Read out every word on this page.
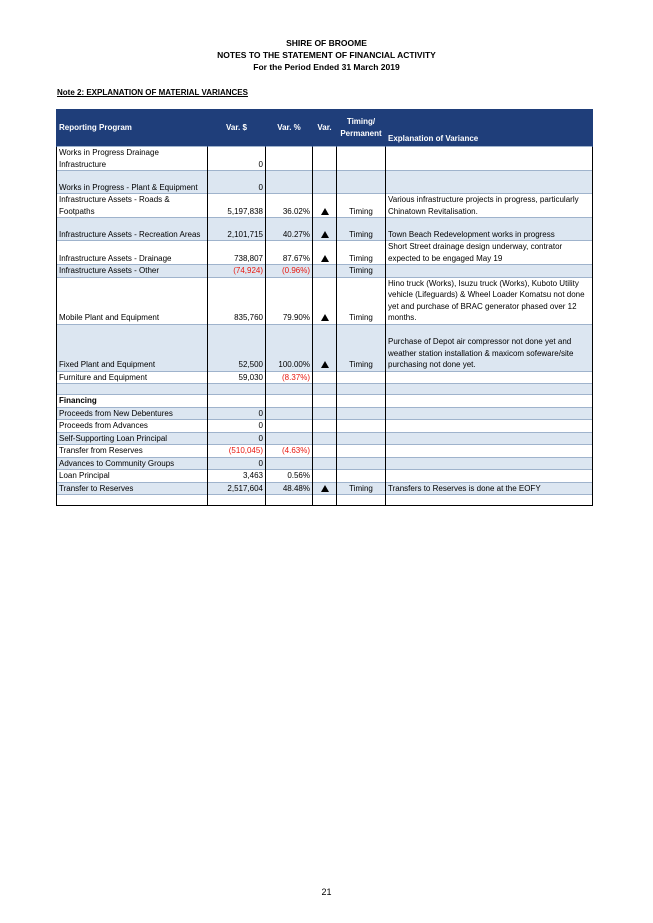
SHIRE OF BROOME
NOTES TO THE STATEMENT OF FINANCIAL ACTIVITY
For the Period Ended 31 March 2019
Note 2: EXPLANATION OF MATERIAL VARIANCES
Reporting Program	Var. $	Var. %	Var.	Timing/ Permanent	Explanation of Variance
Works in Progress Drainage Infrastructure	0				
Works in Progress - Plant & Equipment	0				
Infrastructure Assets - Roads & Footpaths	5,197,838	36.02%		Timing	Various infrastructure projects in progress, particularly Chinatown Revitalisation.
Infrastructure Assets - Recreation Areas	2,101,715	40.27%		Timing	Town Beach Redevelopment works in progress
Infrastructure Assets - Drainage	738,807	87.67%		Timing	Short Street drainage design underway, contrator expected to be engaged May 19
Infrastructure Assets - Other	(74,924)	(0.96%)		Timing	
Mobile Plant and Equipment	835,760	79.90%		Timing	Hino truck (Works), Isuzu truck (Works), Kuboto Utility vehicle (Lifeguards) & Wheel Loader Komatsu not done yet and purchase of BRAC generator phased over 12 months.
Fixed Plant and Equipment	52,500	100.00%		Timing	Purchase of Depot air compressor not done yet and weather station installation & maxicom sofeware/site purchasing not done yet.
Furniture and Equipment	59,030	(8.37%)			

Financing					
Proceeds from New Debentures	0				
Proceeds from Advances	0				
Self-Supporting Loan Principal	0				
Transfer from Reserves	(510,045)	(4.63%)			
Advances to Community Groups	0				
Loan Principal	3,463	0.56%			
Transfer to Reserves	2,517,604	48.48%		Timing	Transfers to Reserves is done at the EOFY

21
